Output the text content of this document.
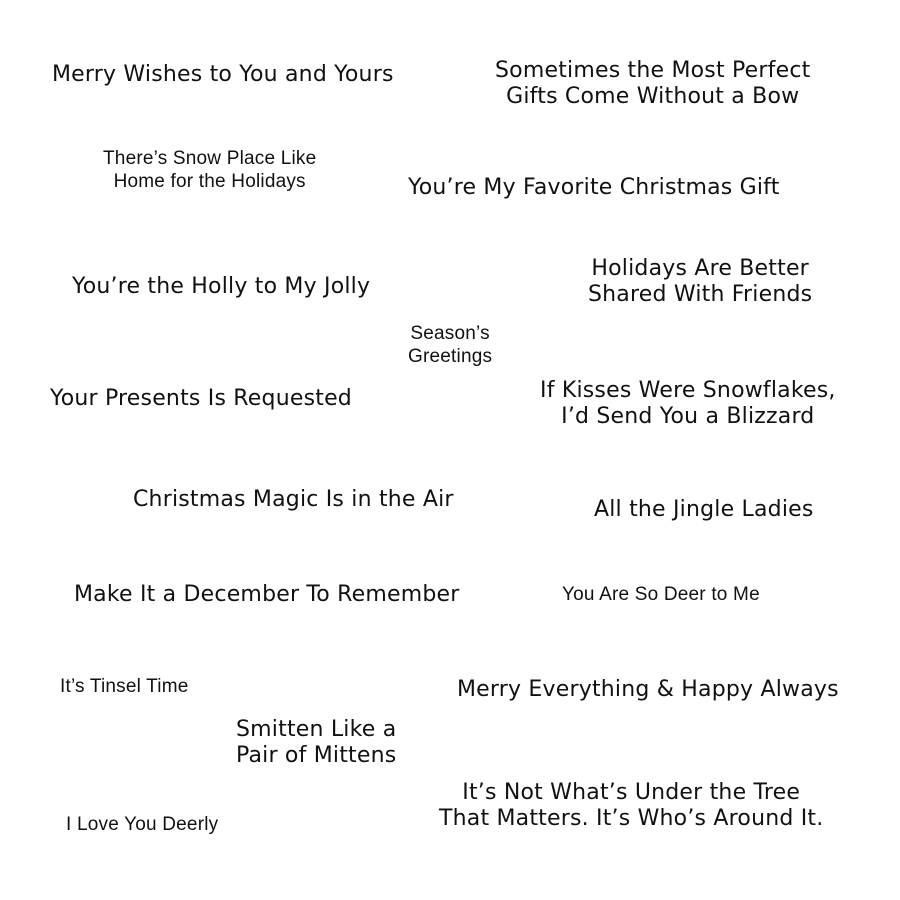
Merry Wishes to You and Yours	Sometimes the Most Perfect
Gifts Come Without a Bow
There’s Snow Place Like
Home for the Holidays	You’re My Favorite Christmas Gift
You’re the Holly to My Jolly
Holidays Are Better
Shared With Friends
Season’s
Greetings
Your Presents Is Requested	If Kisses Were Snowflakes,
I’d Send You a Blizzard
Christmas Magic Is in the Air	All the Jingle Ladies
Make It a December To Remember	You Are So Deer to Me
It’s Tinsel Time	Merry Everything & Happy Always
Smitten Like a
Pair of Mittens
It’s Not What’s Under the Tree
That Matters. It’s Who’s Around It.
I Love You Deerly
